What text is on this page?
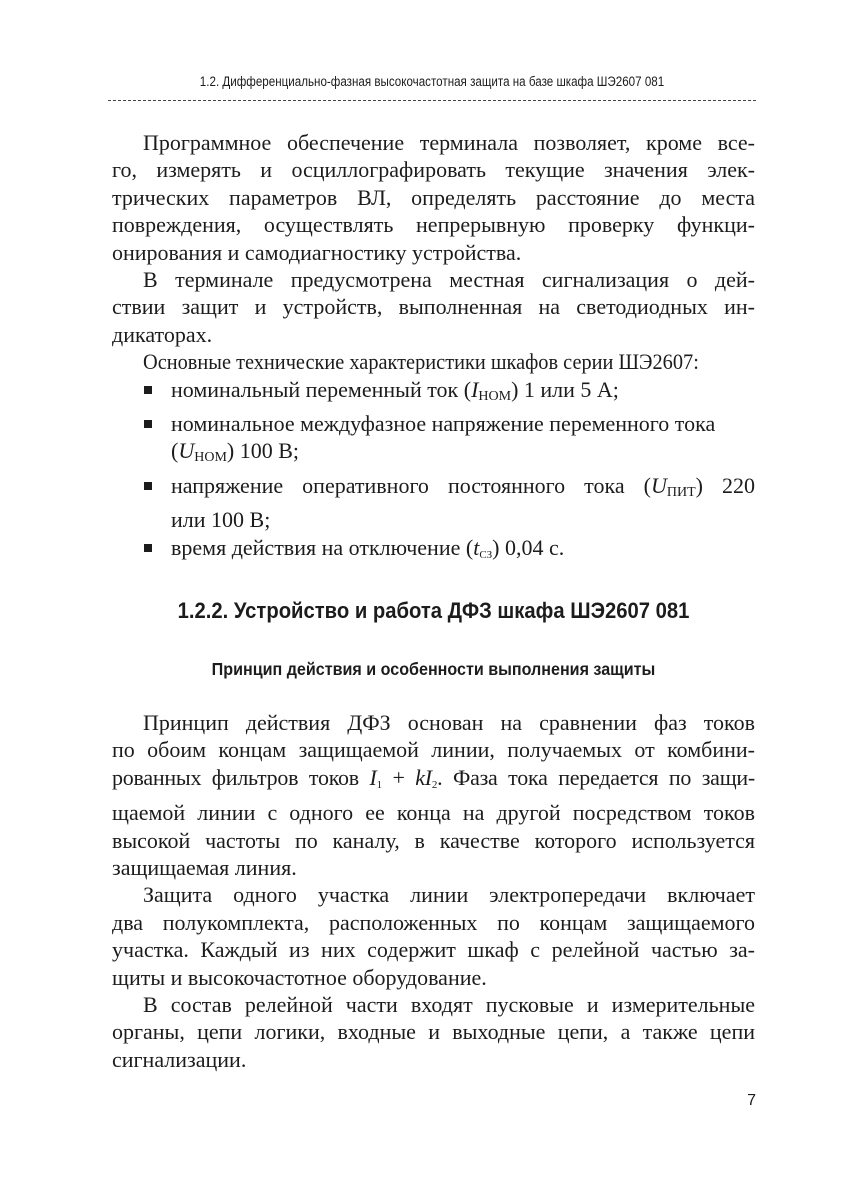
1.2. Дифференциально-фазная высокочастотная защита на базе шкафа ШЭ2607 081

Программное обеспечение терминала позволяет, кроме все-
го, измерять и осциллографировать текущие значения элек-
трических параметров ВЛ, определять расстояние до места
повреждения, осуществлять непрерывную проверку функци-
онирования и самодиагностику устройства.

В терминале предусмотрена местная сигнализация о дей-
ствии защит и устройств, выполненная на светодиодных ин-
дикаторах.

Основные технические характеристики шкафов серии ШЭ2607:

номинальный переменный ток $(I_{НОМ})$ 1 или 5 А;
номинальное междуфазное напряжение переменного тока
$(U_{НОМ})$ 100 В;
напряжение оперативного постоянного тока $(U_{ПИТ})$ 220
или 100 В;
время действия на отключение (tСЗ) 0,04 с.
1.2.2. Устройство и работа ДФЗ шкафа ШЭ2607 081
Принцип действия и особенности выполнения защиты

Принцип действия ДФЗ основан на сравнении фаз токов
по обоим концам защищаемой линии, получаемых от комбини-
рованных фильтров токов I1 + kI2. Фаза тока передается по защи-
щаемой линии с одного ее конца на другой посредством токов
высокой частоты по каналу, в качестве которого используется
защищаемая линия.

Защита одного участка линии электропередачи включает
два полукомплекта, расположенных по концам защищаемого
участка. Каждый из них содержит шкаф с релейной частью за-
щиты и высокочастотное оборудование.

В состав релейной части входят пусковые и измерительные
органы, цепи логики, входные и выходные цепи, а также цепи
сигнализации.

7
